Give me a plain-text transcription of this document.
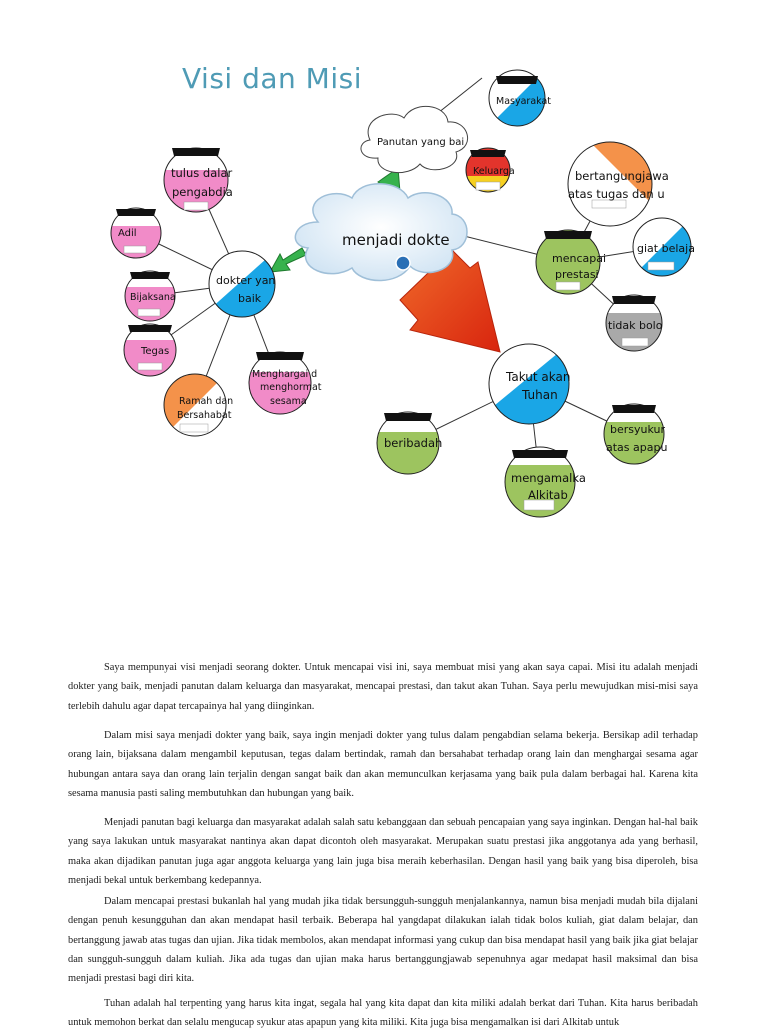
Visi dan Misi
Panutan yang bai
menjadi dokte
Masyarakat
Keluarga
dokter yan
baik
tulus dalar
pengabdia
Adil
Bijaksana
Tegas
Ramah dan
Bersahabat
Menghargai d
menghormat
sesama
mencapai
prestasi
bertangungjawa
atas tugas dan u
giat belaja
tidak bolo
Takut akan
Tuhan
beribadah
bersyukur
atas apapu
mengamalka
Alkitab

Saya mempunyai visi menjadi seorang dokter. Untuk mencapai visi ini, saya membuat misi yang akan saya capai. Misi itu adalah menjadi dokter yang baik, menjadi panutan dalam keluarga dan masyarakat, mencapai prestasi, dan takut akan Tuhan. Saya perlu mewujudkan misi-misi saya terlebih dahulu agar dapat tercapainya hal yang diinginkan.

Dalam misi saya menjadi dokter yang baik, saya ingin menjadi dokter yang tulus dalam pengabdian selama bekerja. Bersikap adil terhadap orang lain, bijaksana dalam mengambil keputusan, tegas dalam bertindak, ramah dan bersahabat terhadap orang lain dan menghargai sesama agar hubungan antara saya dan orang lain terjalin dengan sangat baik dan akan memunculkan kerjasama yang baik pula dalam berbagai hal. Karena kita sesama manusia pasti saling membutuhkan dan hubungan yang baik.

Menjadi panutan bagi keluarga dan masyarakat adalah salah satu kebanggaan dan sebuah pencapaian yang saya inginkan. Dengan hal-hal baik yang saya lakukan untuk masyarakat nantinya akan dapat dicontoh oleh masyarakat. Merupakan suatu prestasi jika anggotanya ada yang berhasil, maka akan dijadikan panutan juga agar anggota keluarga yang lain juga bisa meraih keberhasilan. Dengan hasil yang baik yang bisa diperoleh, bisa menjadi bekal untuk berkembang kedepannya.

Dalam mencapai prestasi bukanlah hal yang mudah jika tidak bersungguh-sungguh menjalankannya, namun bisa menjadi mudah bila dijalani dengan penuh kesungguhan dan akan mendapat hasil terbaik. Beberapa hal yangdapat dilakukan ialah tidak bolos kuliah, giat dalam belajar, dan bertanggung jawab atas tugas dan ujian. Jika tidak membolos, akan mendapat informasi yang cukup dan bisa mendapat hasil yang baik jika giat belajar dan sungguh-sungguh dalam kuliah. Jika ada tugas dan ujian maka harus bertanggungjawab sepenuhnya agar medapat hasil maksimal dan bisa menjadi prestasi bagi diri kita.

Tuhan adalah hal terpenting yang harus kita ingat, segala hal yang kita dapat dan kita miliki adalah berkat dari Tuhan. Kita harus beribadah untuk memohon berkat dan selalu mengucap syukur atas apapun yang kita miliki. Kita juga bisa mengamalkan isi dari Alkitab untuk
